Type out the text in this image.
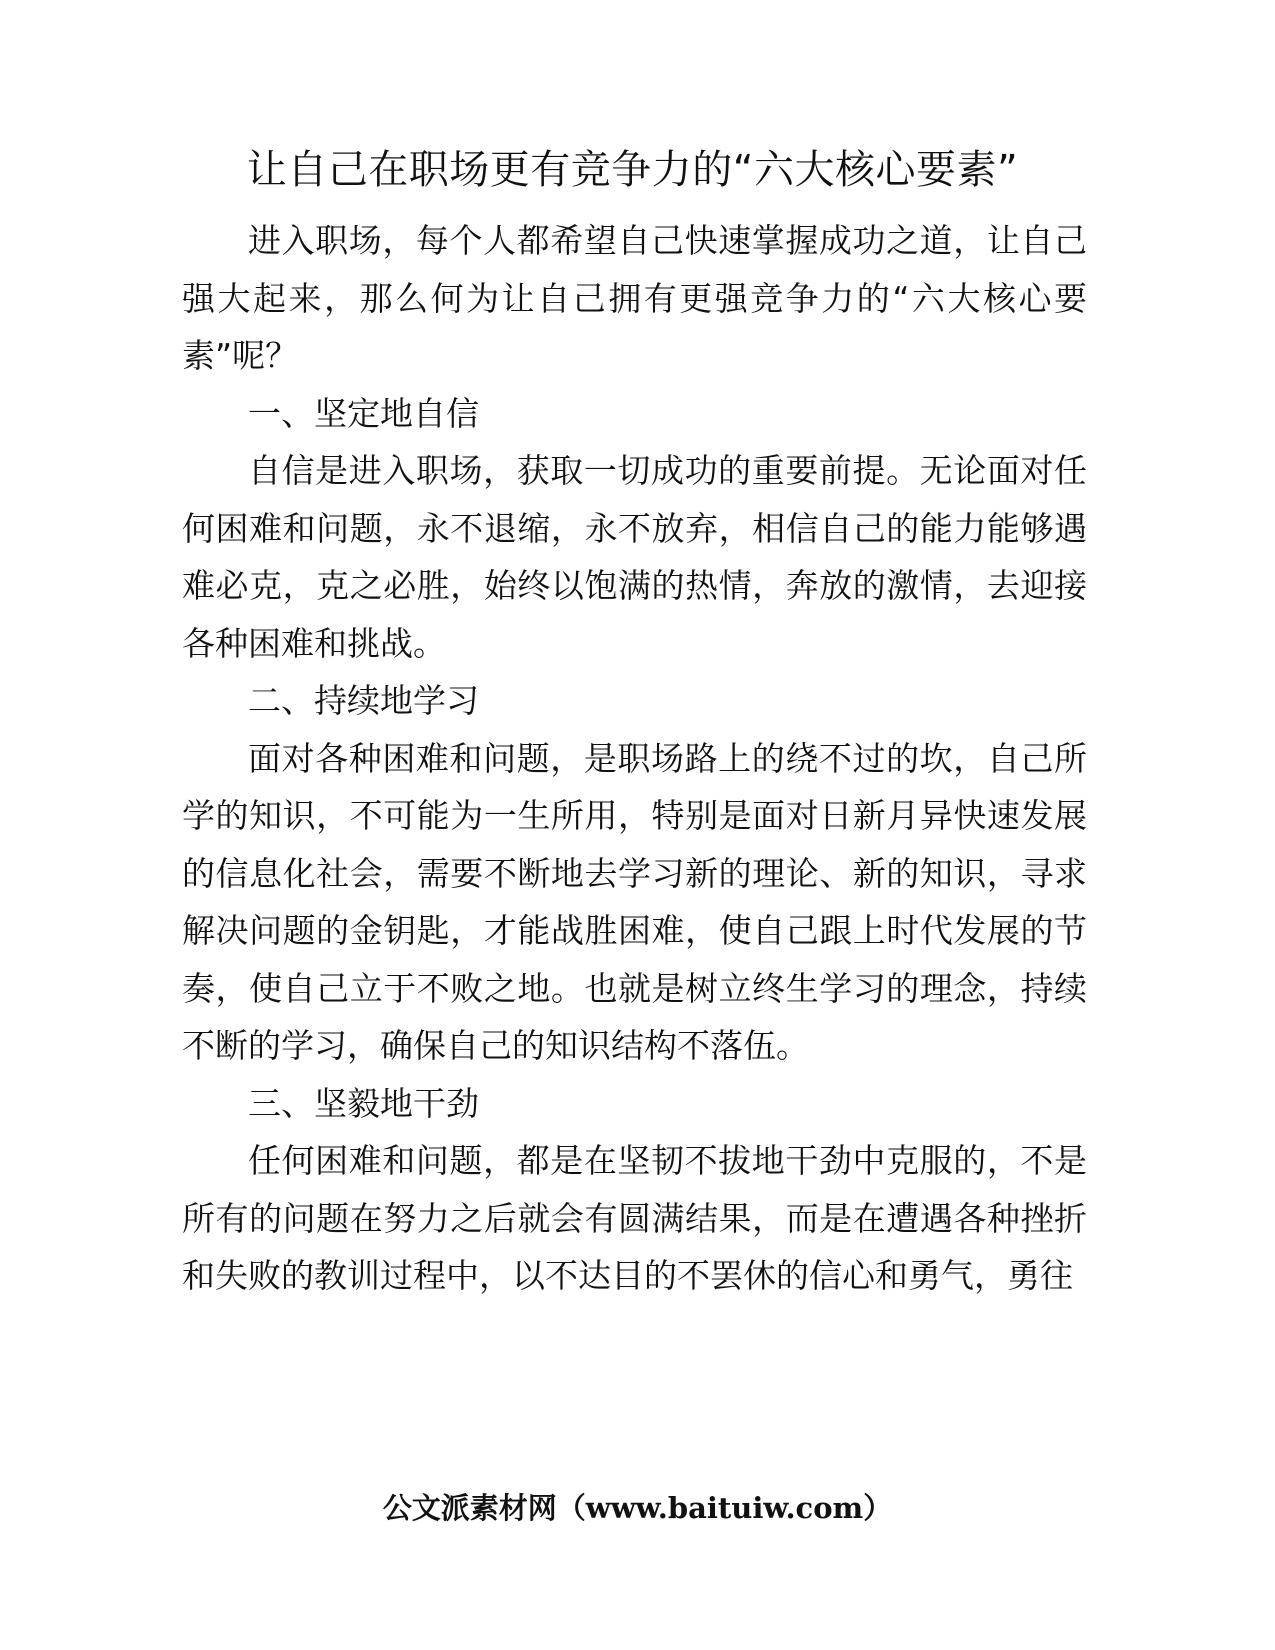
让自己在职场更有竞争力的“六大核心要素”

进入职场，每个人都希望自己快速掌握成功之道，让自己强大起来，那么何为让自己拥有更强竞争力的“六大核心要素”呢？

一、坚定地自信

自信是进入职场，获取一切成功的重要前提。无论面对任何困难和问题，永不退缩，永不放弃，相信自己的能力能够遇难必克，克之必胜，始终以饱满的热情，奔放的激情，去迎接各种困难和挑战。

二、持续地学习

面对各种困难和问题，是职场路上的绕不过的坎，自己所学的知识，不可能为一生所用，特别是面对日新月异快速发展的信息化社会，需要不断地去学习新的理论、新的知识，寻求解决问题的金钥匙，才能战胜困难，使自己跟上时代发展的节奏，使自己立于不败之地。也就是树立终生学习的理念，持续不断的学习，确保自己的知识结构不落伍。

三、坚毅地干劲

任何困难和问题，都是在坚韧不拔地干劲中克服的，不是所有的问题在努力之后就会有圆满结果，而是在遭遇各种挫折和失败的教训过程中，以不达目的不罢休的信心和勇气，勇往

公文派素材网（www.baituiw.com）
